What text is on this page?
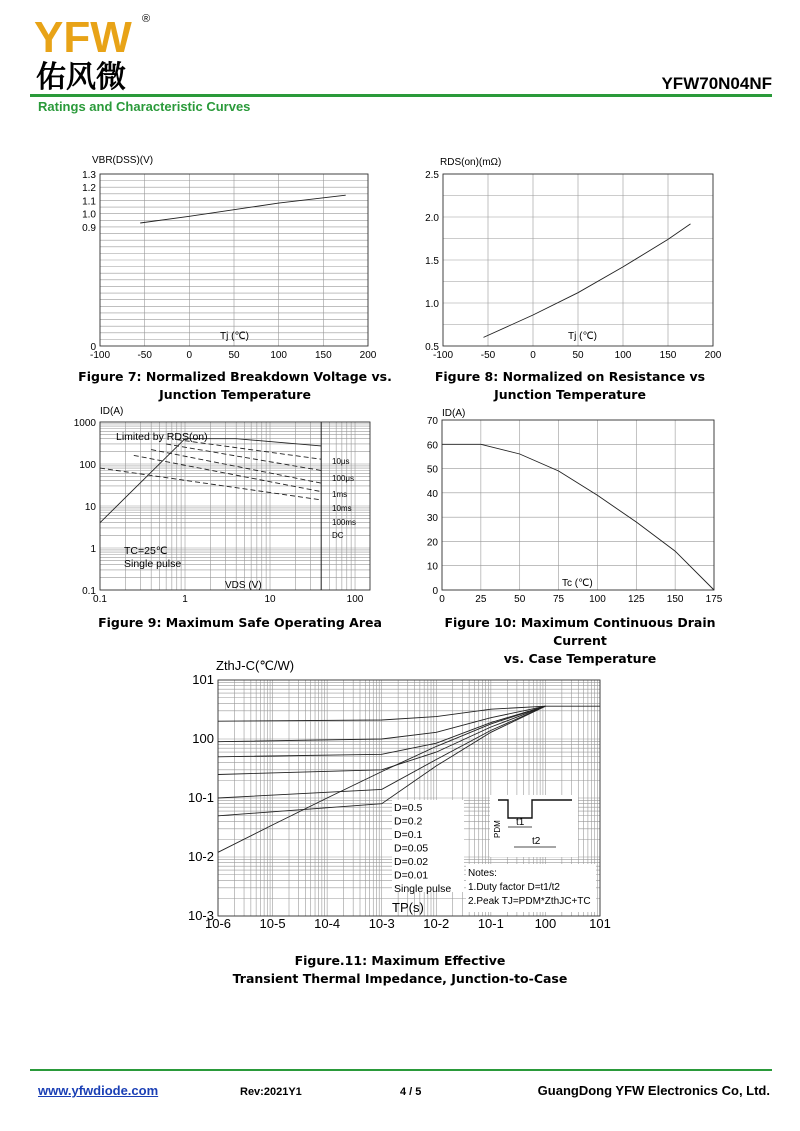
YFW ®
佑风微	YFW70N04NF
Ratings and Characteristic Curves
-100	-50	0	50	100	150	200
0
0.9
1.0
1.1
1.2
1.3
VBR(DSS)(V)
Tj (℃)
Figure 7: Normalized Breakdown Voltage vs.
Junction Temperature
-100	-50	0	50	100	150	200
0.5
1.0
1.5
2.0
2.5
RDS(on)(mΩ)
Tj (℃)
Figure 8: Normalized on Resistance vs
Junction Temperature
0.1	1	10	100
0.1
1
10
100
1000
ID(A)
VDS (V)
Limited by RDS(on)
TC=25℃
Single pulse
10μs
100μs
1ms
10ms
100ms
DC
Figure 9: Maximum Safe Operating Area
0	25	50	75 100 125 150 175
0
10
20
30
40
50
60
70
ID(A)
Tc (℃)
Figure 10: Maximum Continuous Drain Current
vs. Case Temperature
10-6 10-5 10-4 10-3 10-2 10-1 100	101
10-3
10-2
10-1
100
101
ZthJ-C(℃/W)
TP(s)
D=0.5
D=0.2
D=0.1
D=0.05
D=0.02
D=0.01
Single pulse
t1
t2
PDM
Notes:
1.Duty factor D=t1/t2
2.Peak TJ=PDM*ZthJC+TC
Figure.11: Maximum Effective
Transient Thermal Impedance, Junction-to-Case
www.yfwdiode.com	Rev:2021Y1	4 / 5	GuangDong YFW Electronics Co, Ltd.
